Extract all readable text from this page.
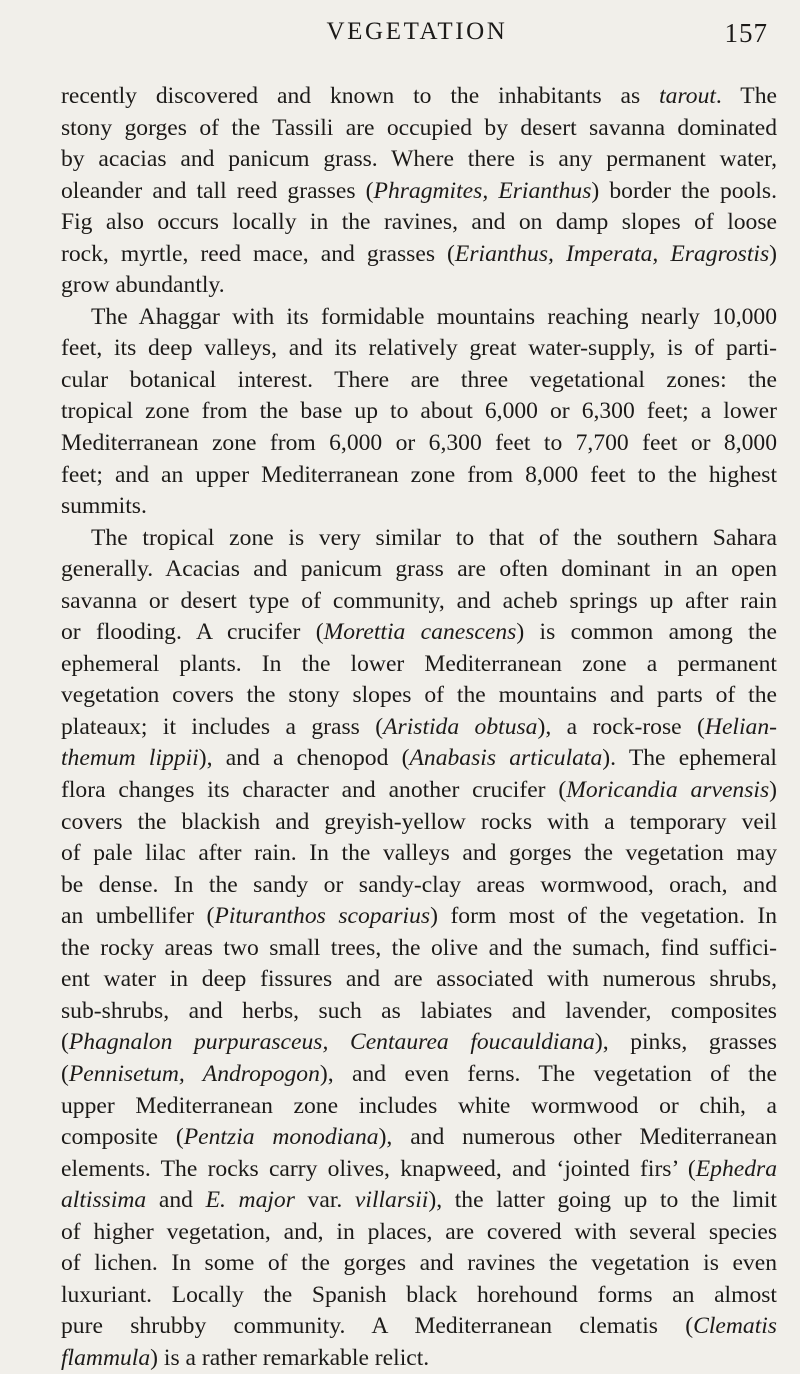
VEGETATION	157

recently discovered and known to the inhabitants as tarout. The
stony gorges of the Tassili are occupied by desert savanna dominated
by acacias and panicum grass. Where there is any permanent water,
oleander and tall reed grasses (Phragmites, Erianthus) border the pools.
Fig also occurs locally in the ravines, and on damp slopes of loose
rock, myrtle, reed mace, and grasses (Erianthus, Imperata, Eragrostis)
grow abundantly.

The Ahaggar with its formidable mountains reaching nearly 10,000
feet, its deep valleys, and its relatively great water-supply, is of parti-
cular botanical interest. There are three vegetational zones: the
tropical zone from the base up to about 6,000 or 6,300 feet; a lower
Mediterranean zone from 6,000 or 6,300 feet to 7,700 feet or 8,000
feet; and an upper Mediterranean zone from 8,000 feet to the highest
summits.

The tropical zone is very similar to that of the southern Sahara
generally. Acacias and panicum grass are often dominant in an open
savanna or desert type of community, and acheb springs up after rain
or flooding. A crucifer (Morettia canescens) is common among the
ephemeral plants. In the lower Mediterranean zone a permanent
vegetation covers the stony slopes of the mountains and parts of the
plateaux; it includes a grass (Aristida obtusa), a rock-rose (Helian-
themum lippii), and a chenopod (Anabasis articulata). The ephemeral
flora changes its character and another crucifer (Moricandia arvensis)
covers the blackish and greyish-yellow rocks with a temporary veil
of pale lilac after rain. In the valleys and gorges the vegetation may
be dense. In the sandy or sandy-clay areas wormwood, orach, and
an umbellifer (Pituranthos scoparius) form most of the vegetation. In
the rocky areas two small trees, the olive and the sumach, find suffici-
ent water in deep fissures and are associated with numerous shrubs,
sub-shrubs, and herbs, such as labiates and lavender, composites
(Phagnalon purpurasceus, Centaurea foucauldiana), pinks, grasses
(Pennisetum, Andropogon), and even ferns. The vegetation of the
upper Mediterranean zone includes white wormwood or chih, a
composite (Pentzia monodiana), and numerous other Mediterranean
elements. The rocks carry olives, knapweed, and ‘jointed firs’ (Ephedra
altissima and E. major var. villarsii), the latter going up to the limit
of higher vegetation, and, in places, are covered with several species
of lichen. In some of the gorges and ravines the vegetation is even
luxuriant. Locally the Spanish black horehound forms an almost
pure shrubby community. A Mediterranean clematis (Clematis
flammula) is a rather remarkable relict.
